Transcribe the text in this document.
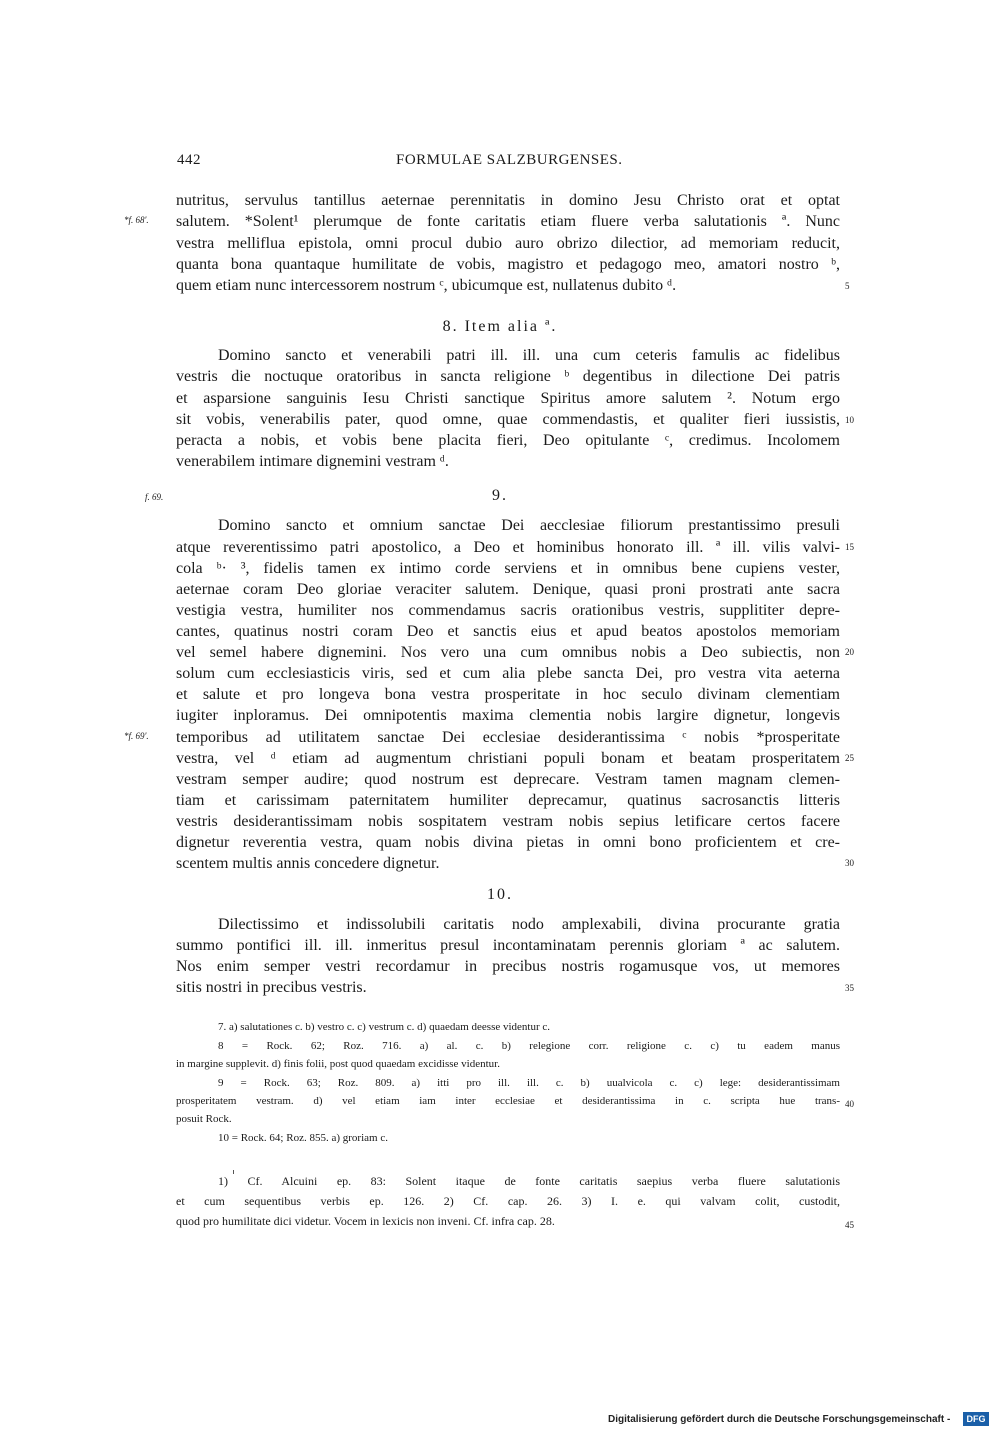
442	FORMULAE SALZBURGENSES.
*f. 68'.
nutritus, servulus tantillus aeternae perennitatis in domino Jesu Christo orat et optat
salutem. *Solent¹ plerumque de fonte caritatis etiam fluere verba salutationis ª. Nunc
vestra melliflua epistola, omni procul dubio auro obrizo dilectior, ad memoriam reducit,
quanta bona quantaque humilitate de vobis, magistro et pedagogo meo, amatori nostro ᵇ,
quem etiam nunc intercessorem nostrum ᶜ, ubicumque est, nullatenus dubito ᵈ.	5
8. Item alia ª.
Domino sancto et venerabili patri ill. ill. una cum ceteris famulis ac fidelibus
vestris die noctuque oratoribus in sancta religione ᵇ degentibus in dilectione Dei patris
et asparsione sanguinis Iesu Christi sanctique Spiritus amore salutem ². Notum ergo
sit vobis, venerabilis pater, quod omne, quae commendastis, et qualiter fieri iussistis,
peracta a nobis, et vobis bene placita fieri, Deo opitulante ᶜ, credimus. Incolomem
venerabilem intimare dignemini vestram ᵈ.
10
f. 69.	9.
Domino sancto et omnium sanctae Dei aecclesiae filiorum prestantissimo presuli
atque reverentissimo patri apostolico, a Deo et hominibus honorato ill. ª ill. vilis valvi-
cola ᵇ· ³, fidelis tamen ex intimo corde serviens et in omnibus bene cupiens vester,
aeternae coram Deo gloriae veraciter salutem. Denique, quasi proni prostrati ante sacra
vestigia vestra, humiliter nos commendamus sacris orationibus vestris, supplititer depre-
cantes, quatinus nostri coram Deo et sanctis eius et apud beatos apostolos memoriam
vel semel habere dignemini. Nos vero una cum omnibus nobis a Deo subiectis, non
solum cum ecclesiasticis viris, sed et cum alia plebe sancta Dei, pro vestra vita aeterna
et salute et pro longeva bona vestra prosperitate in hoc seculo divinam clementiam
iugiter inploramus. Dei omnipotentis maxima clementia nobis largire dignetur, longevis
temporibus ad utilitatem sanctae Dei ecclesiae desiderantissima ᶜ nobis *prosperitate
vestra, vel ᵈ etiam ad augmentum christiani populi bonam et beatam prosperitatem
vestram semper audire; quod nostrum est deprecare. Vestram tamen magnam clemen-
tiam et carissimam paternitatem humiliter deprecamur, quatinus sacrosanctis litteris
vestris desiderantissimam nobis sospitatem vestram nobis sepius letificare certos facere
dignetur reverentia vestra, quam nobis divina pietas in omni bono proficientem et cre-
scentem multis annis concedere dignetur.
*f. 69'.
15
20
25
30
10.
Dilectissimo et indissolubili caritatis nodo amplexabili, divina procurante gratia
summo pontifici ill. ill. inmeritus presul incontaminatam perennis gloriam ª ac salutem.
Nos enim semper vestri recordamur in precibus nostris rogamusque vos, ut memores
sitis nostri in precibus vestris.	35
7. a) salutationes c. b) vestro c. c) vestrum c. d) quaedam deesse videntur c.
8 = Rock. 62; Roz. 716. a) al. c. b) relegione corr. religione c. c) tu eadem manus
in margine supplevit. d) finis folii, post quod quaedam excidisse videntur.
9 = Rock. 63; Roz. 809. a) itti pro ill. ill. c. b) uualvicola c. c) lege: desiderantissimam
prosperitatem vestram. d) vel etiam iam inter ecclesiae et desiderantissima in c. scripta hue trans-
posuit Rock.
10 = Rock. 64; Roz. 855. a) groriam c.
40
1) Cf. Alcuini ep. 83: Solent itaque de fonte caritatis saepius verba fluere salutationis
et cum sequentibus verbis ep. 126. 2) Cf. cap. 26. 3) I. e. qui valvam colit, custodit,
quod pro humilitate dici videtur. Vocem in lexicis non inveni. Cf. infra cap. 28.	45
Digitalisierung gefördert durch die Deutsche Forschungsgemeinschaft -	DFG
